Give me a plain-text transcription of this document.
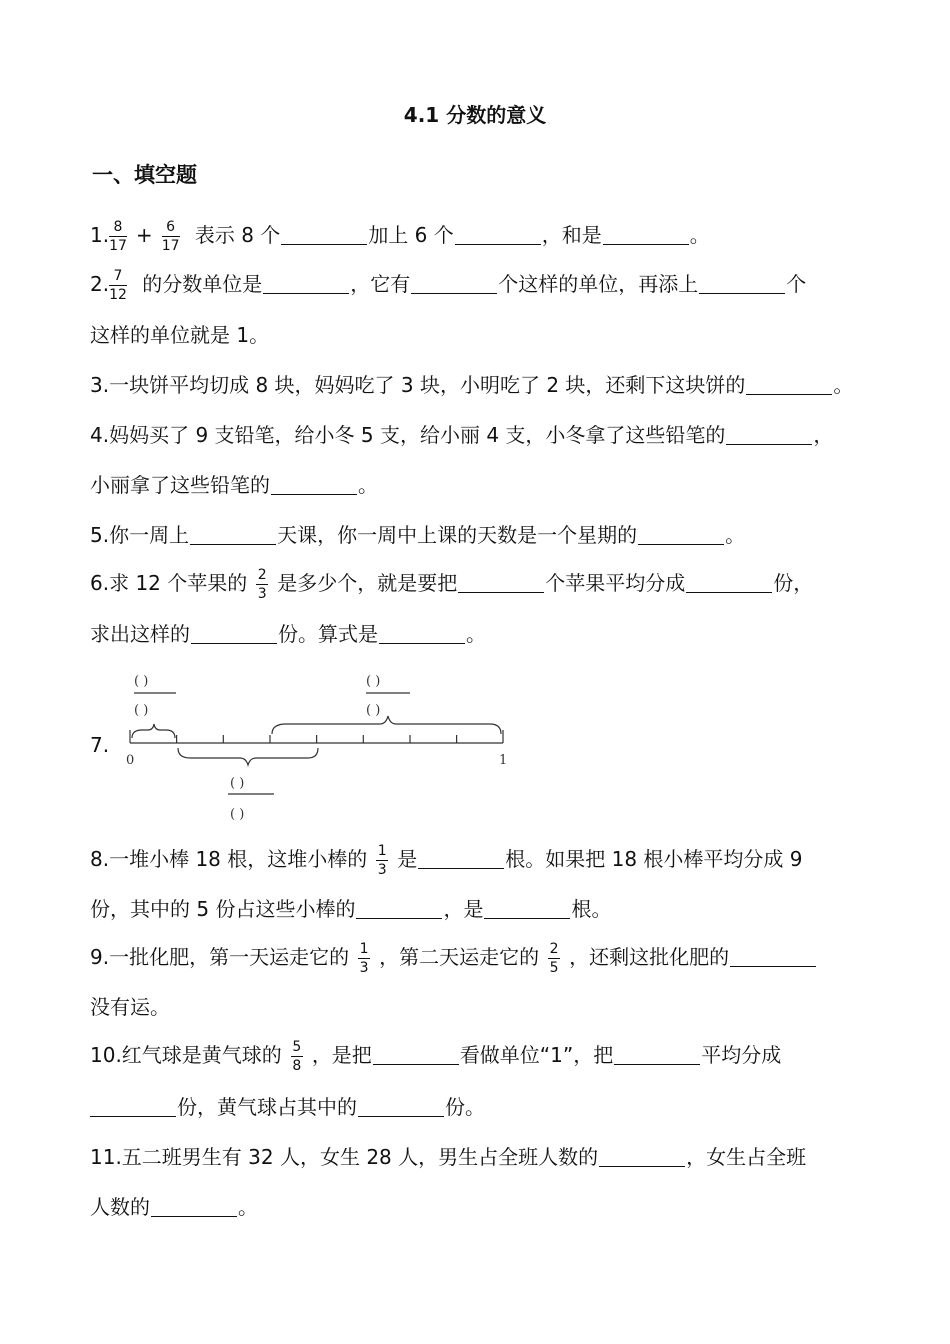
4.1 分数的意义
一、填空题
1. $\frac{8}{17} + \frac{6}{17}$ 表示 8 个	加上 6 个	，和是	。
2. $\frac{7}{12}$ 的分数单位是	，它有	个这样的单位，再添上	个
这样的单位就是 1。
3.一块饼平均切成 8 块，妈妈吃了 3 块，小明吃了 2 块，还剩下这块饼的	。
4.妈妈买了 9 支铅笔，给小冬 5 支，给小丽 4 支，小冬拿了这些铅笔的	，
小丽拿了这些铅笔的	。
5.你一周上	天课，你一周中上课的天数是一个星期的	。
6.求 12 个苹果的 $\frac{2}{3}$ 是多少个，就是要把	个苹果平均分成	份，
求出这样的	份。算式是	。
7.
0	1
( )
( )
( )
( )
( )
( )
8.一堆小棒 18 根，这堆小棒的 $\frac{1}{3}$ 是	根。如果把 18 根小棒平均分成 9
份，其中的 5 份占这些小棒的	，是	根。
9.一批化肥，第一天运走它的 $\frac{1}{3}$ ，第二天运走它的 $\frac{2}{5}$ ，还剩这批化肥的
没有运。
10.红气球是黄气球的 $\frac{5}{8}$ ，是把	看做单位“1”，把	平均分成
份，黄气球占其中的	份。
11.五二班男生有 32 人，女生 28 人，男生占全班人数的	，女生占全班
人数的	。
